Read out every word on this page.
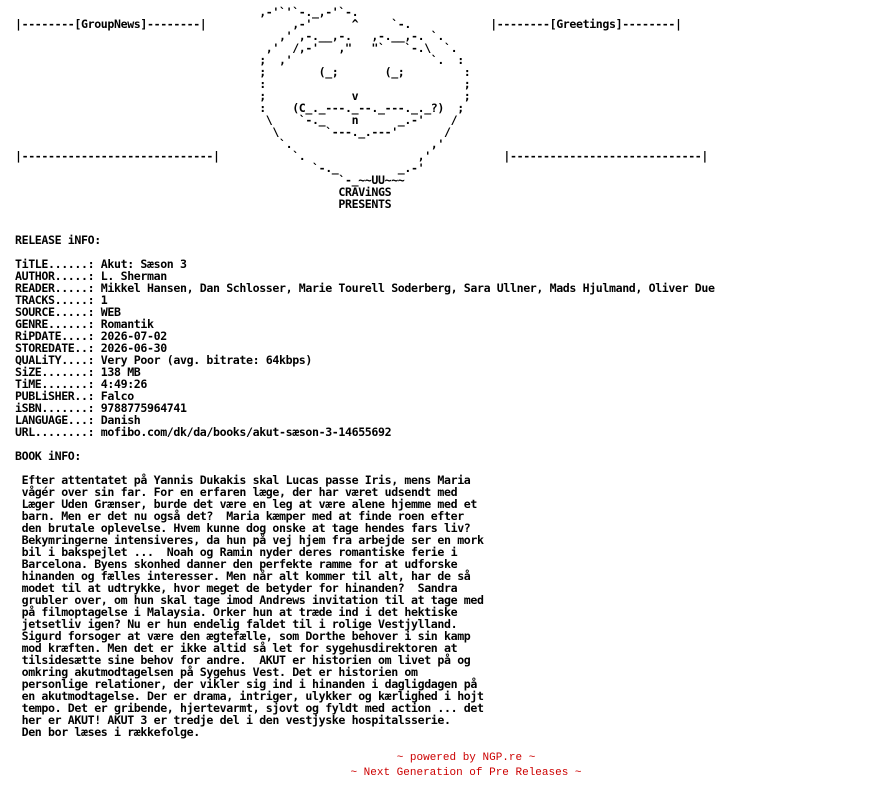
,-'`'`-._,-'`-.
|--------[GroupNews]--------|             ,-'      ^     `-.            |--------[Greetings]--------|
,' ,-.__,-.   ,-.__,-. `.
,'  /,-'   ,"   "`   `-.\  `.
;  ,'                     `.  :
;        (_;       (_;         :
:                              ;
;             v                ;
:    (C_._---._--._---._._?)  ;
\    `-._    n      _.-'    /
\       `---._.---'       /
`.                     ,'
|-----------------------------|           `.                 ,'           |-----------------------------|
`-._         _.-'
`-_~~UU~~~
CRAViNGS
PRESENTS

RELEASE iNFO:

TiTLE......: Akut: Sæson 3
AUTHOR.....: L. Sherman
READER.....: Mikkel Hansen, Dan Schlosser, Marie Tourell Soderberg, Sara Ullner, Mads Hjulmand, Oliver Due
TRACKS.....: 1
SOURCE.....: WEB
GENRE......: Romantik
RiPDATE....: 2026-07-02
STOREDATE..: 2026-06-30
QUALiTY....: Very Poor (avg. bitrate: 64kbps)
SiZE.......: 138 MB
TiME.......: 4:49:26
PUBLiSHER..: Falco
iSBN.......: 9788775964741
LANGUAGE...: Danish
URL........: mofibo.com/dk/da/books/akut-sæson-3-14655692

BOOK iNFO:

Efter attentatet på Yannis Dukakis skal Lucas passe Iris, mens Maria
vågér over sin far. For en erfaren læge, der har været udsendt med
Læger Uden Grænser, burde det være en leg at være alene hjemme med et
barn. Men er det nu også det?  Maria kæmper med at finde roen efter
den brutale oplevelse. Hvem kunne dog onske at tage hendes fars liv?
Bekymringerne intensiveres, da hun på vej hjem fra arbejde ser en mork
bil i bakspejlet ...  Noah og Ramin nyder deres romantiske ferie i
Barcelona. Byens skonhed danner den perfekte ramme for at udforske
hinanden og fælles interesser. Men når alt kommer til alt, har de så
modet til at udtrykke, hvor meget de betyder for hinanden?  Sandra
grubler over, om hun skal tage imod Andrews invitation til at tage med
på filmoptagelse i Malaysia. Orker hun at træde ind i det hektiske
jetsetliv igen? Nu er hun endelig faldet til i rolige Vestjylland.
Sigurd forsoger at være den ægtefælle, som Dorthe behover i sin kamp
mod kræften. Men det er ikke altid så let for sygehusdirektoren at
tilsidesætte sine behov for andre.  AKUT er historien om livet på og
omkring akutmodtagelsen på Sygehus Vest. Det er historien om
personlige relationer, der vikler sig ind i hinanden i dagligdagen på
en akutmodtagelse. Der er drama, intriger, ulykker og kærlighed i hojt
tempo. Det er gribende, hjertevarmt, sjovt og fyldt med action ... det
her er AKUT! AKUT 3 er tredje del i den vestjyske hospitalsserie.
Den bor læses i rækkefolge.
~ powered by NGP.re ~
~ Next Generation of Pre Releases ~
